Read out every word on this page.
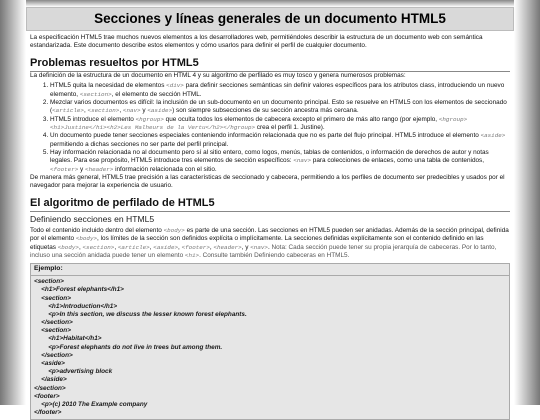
Secciones y líneas generales de un documento HTML5

La especificación HTML5 trae muchos nuevos elementos a los desarrolladores web, permitiéndoles describir la estructura de un documento web con semántica estandarizada. Este documento describe estos elementos y cómo usarlos para definir el perfil de cualquier documento.

Problemas resueltos por HTML5

La definición de la estructura de un documento en HTML 4 y su algoritmo de perfilado es muy tosco y genera numerosos problemas:

1. HTML5 quita la necesidad de elementos <div> para definir secciones semánticas sin definir valores específicos para los atributos class, introduciendo un nuevo elemento, <section>, el elemento de sección HTML.
2. Mezclar varios documentos es difícil: la inclusión de un sub-documento en un documento principal. Esto se resuelve en HTML5 con los elementos de seccionado (<article>, <section>, <nav> y <aside>) son siempre subsecciones de su sección ancestra más cercana.
3. HTML5 introduce el elemento <hgroup> que oculta todos los elementos de cabecera excepto el primero de más alto rango (por ejemplo, <hgroup><h1>Justine</h1><h2>Les Malheurs de la Vertu</h2></hgroup> crea el perfil 1. Justine).
4. Un documento puede tener secciones especiales conteniendo información relacionada que no es parte del flujo principal. HTML5 introduce el elemento <aside> permitiendo a dichas secciones no ser parte del perfil principal.
5. Hay información relacionada no al documento pero sí al sitio entero, como logos, menús, tablas de contenidos, o información de derechos de autor y notas legales. Para ese propósito, HTML5 introduce tres elementos de sección específicos: <nav> para colecciones de enlaces, como una tabla de contenidos, <footer> y <header> información relacionada con el sitio.

De manera más general, HTML5 trae precisión a las características de seccionado y cabecera, permitiendo a los perfiles de documento ser predecibles y usados por el navegador para mejorar la experiencia de usuario.

El algoritmo de perfilado de HTML5
Definiendo secciones en HTML5

Todo el contenido incluido dentro del elemento <body> es parte de una sección. Las secciones en HTML5 pueden ser anidadas. Además de la sección principal, definida por el elemento <body>, los límites de la sección son definidos explícita o implícitamente. La secciones definidas explícitamente son el contenido definido en las etiquetas <body>, <section>, <article>, <aside>, <footer>, <header>, y <nav>. Nota: Cada sección puede tener su propia jerarquía de cabeceras. Por lo tanto, incluso una sección anidada puede tener un elemento <h1>. Consulte también Definiendo cabeceras en HTML5.

Ejemplo:
<section>
<h1>Forest elephants</h1>
<section>
<h1>Introduction</h1>
<p>In this section, we discuss the lesser known forest elephants.
</section>
<section>
<h1>Habitat</h1>
<p>Forest elephants do not live in trees but among them.
</section>
<aside>
<p>advertising block
</aside>
</section>
<footer>
<p>(c) 2010 The Example company
</footer>
